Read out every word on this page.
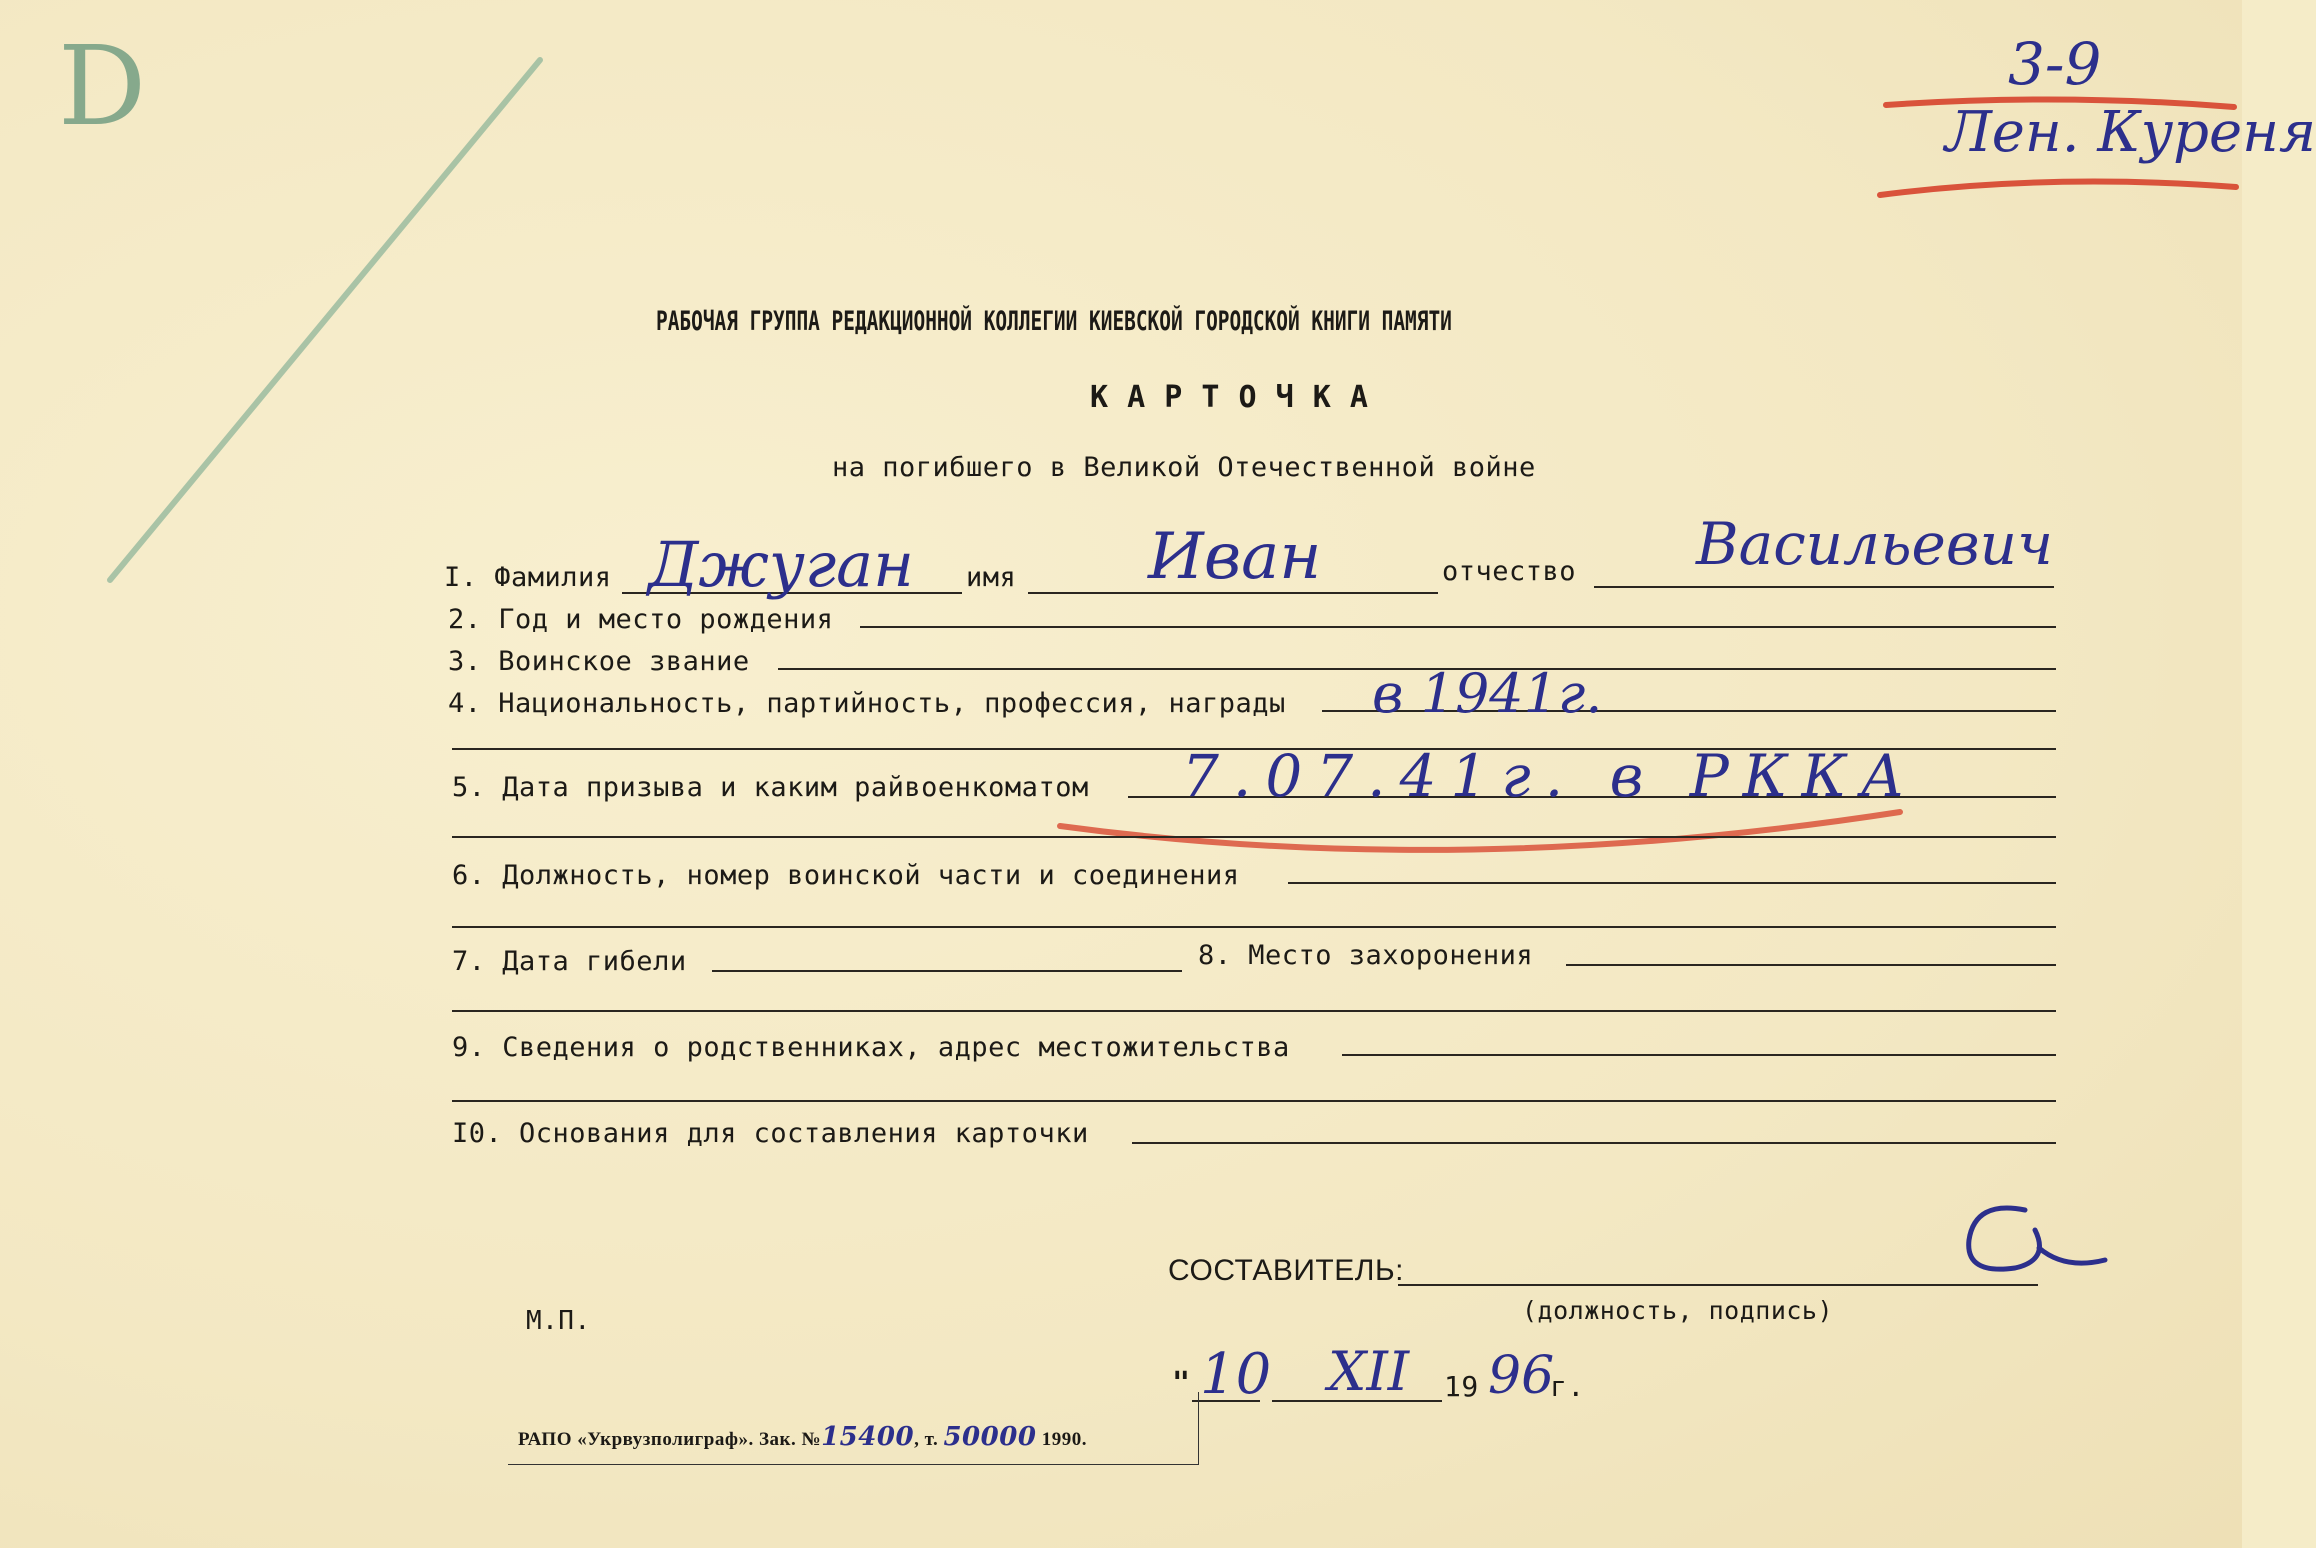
D	3-9
Лен. Куреня
РАБОЧАЯ ГРУППА РЕДАКЦИОННОЙ КОЛЛЕГИИ КИЕВСКОЙ ГОРОДСКОЙ КНИГИ ПАМЯТИ
К А Р Т О Ч К А
на погибшего в Великой Отечественной войне
I. Фамилия Джуган имя Иван	отчество Васильевич
2. Год и место рождения
3. Воинское звание
4. Национальность, партийность, профессия, награды в 1941г.
5. Дата призыва и каким райвоенкоматом 7.07.41г. в РККА
6. Должность, номер воинской части и соединения
7. Дата гибели	8. Место захоронения
9. Сведения о родственниках, адрес местожительства
I0. Основания для составления карточки
СОСТАВИТЕЛЬ:
(должность, подпись)
М.П.
" 10 XII 19 96
г.
РАПО «Укрвузполиграф». Зак. №15400, т. 50000 1990.
